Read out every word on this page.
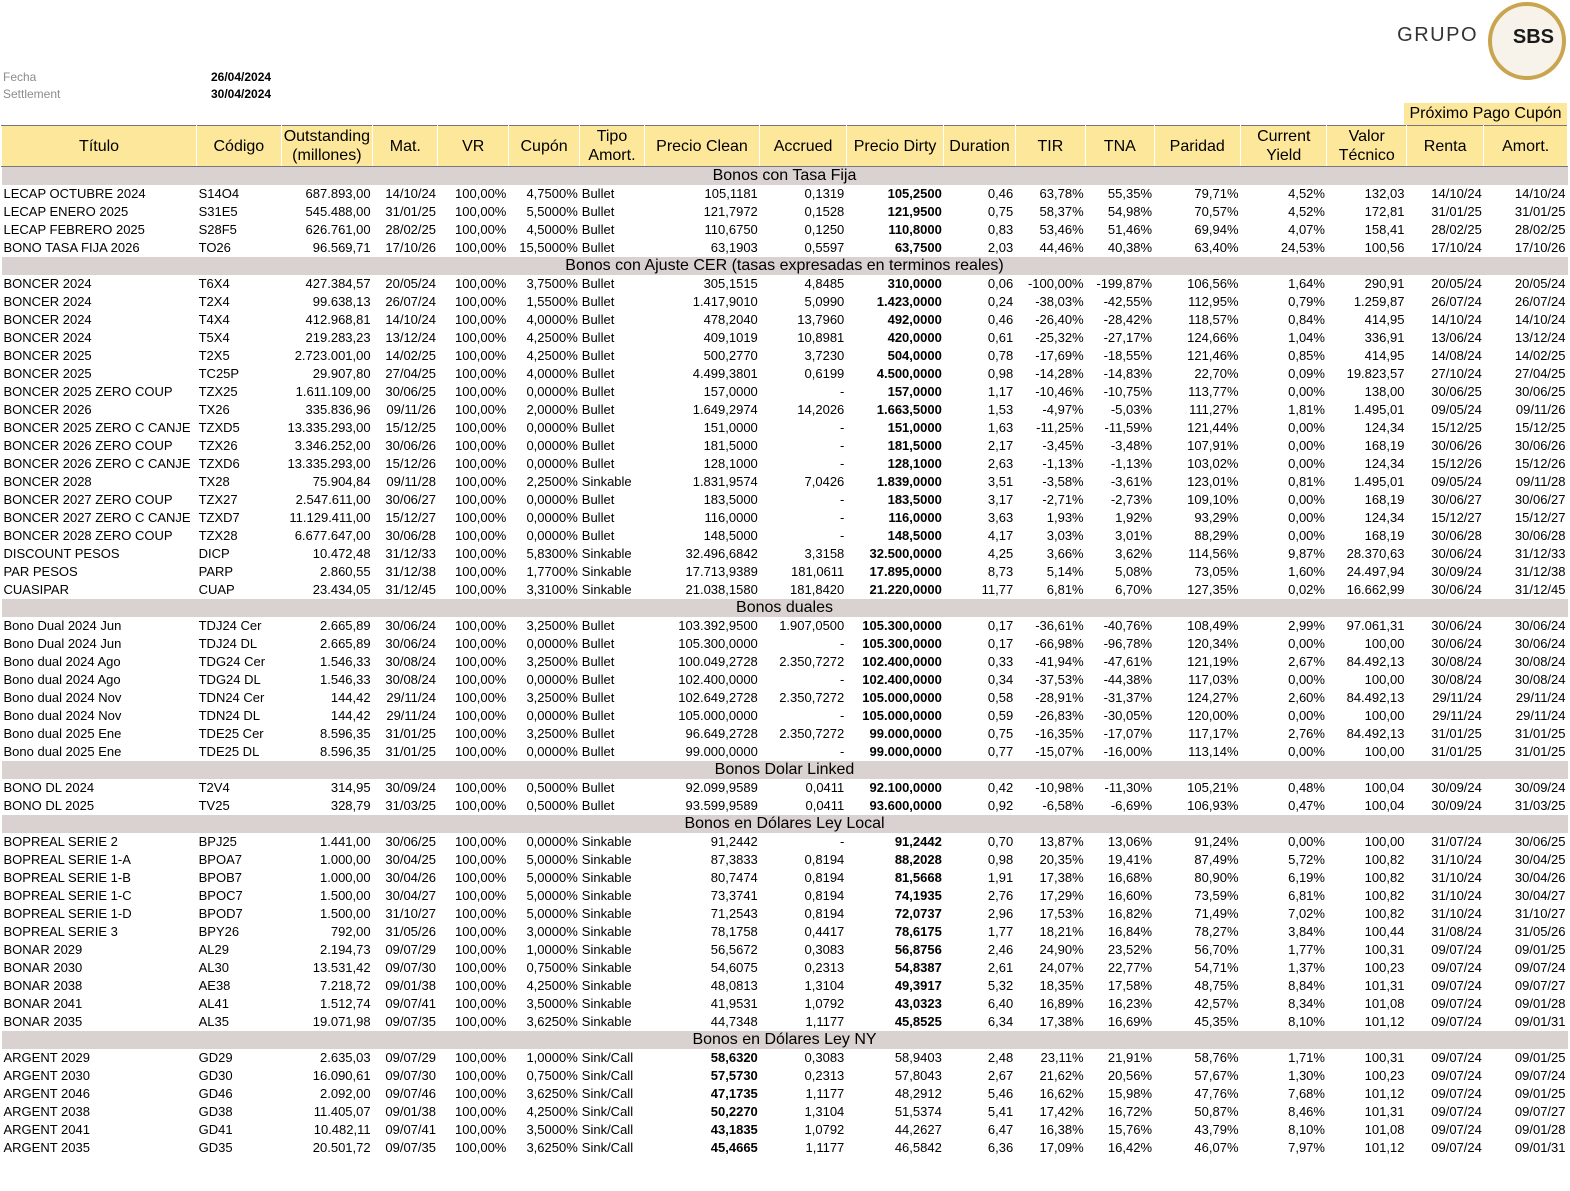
Fecha	26/04/2024
Settlement	30/04/2024
GRUPO SBS
Próximo Pago Cupón
Título	Código	Outstanding (millones)	Mat.	VR	Cupón	Tipo Amort.	Precio Clean	Accrued	Precio Dirty	Duration	TIR	TNA	Paridad	Current Yield	Valor Técnico	Renta	Amort.
Bonos con Tasa Fija																	
LECAP OCTUBRE 2024	S14O4	687.893,00	14/10/24	100,00%	4,7500%	Bullet	105,1181	0,1319	105,2500	0,46	63,78%	55,35%	79,71%	4,52%	132,03	14/10/24	14/10/24
LECAP ENERO 2025	S31E5	545.488,00	31/01/25	100,00%	5,5000%	Bullet	121,7972	0,1528	121,9500	0,75	58,37%	54,98%	70,57%	4,52%	172,81	31/01/25	31/01/25
LECAP FEBRERO 2025	S28F5	626.761,00	28/02/25	100,00%	4,5000%	Bullet	110,6750	0,1250	110,8000	0,83	53,46%	51,46%	69,94%	4,07%	158,41	28/02/25	28/02/25
BONO TASA FIJA 2026	TO26	96.569,71	17/10/26	100,00%	15,5000%	Bullet	63,1903	0,5597	63,7500	2,03	44,46%	40,38%	63,40%	24,53%	100,56	17/10/24	17/10/26
Bonos con Ajuste CER (tasas expresadas en terminos reales)																	
BONCER 2024	T6X4	427.384,57	20/05/24	100,00%	3,7500%	Bullet	305,1515	4,8485	310,0000	0,06	-100,00%	-199,87%	106,56%	1,64%	290,91	20/05/24	20/05/24
BONCER 2024	T2X4	99.638,13	26/07/24	100,00%	1,5500%	Bullet	1.417,9010	5,0990	1.423,0000	0,24	-38,03%	-42,55%	112,95%	0,79%	1.259,87	26/07/24	26/07/24
BONCER 2024	T4X4	412.968,81	14/10/24	100,00%	4,0000%	Bullet	478,2040	13,7960	492,0000	0,46	-26,40%	-28,42%	118,57%	0,84%	414,95	14/10/24	14/10/24
BONCER 2024	T5X4	219.283,23	13/12/24	100,00%	4,2500%	Bullet	409,1019	10,8981	420,0000	0,61	-25,32%	-27,17%	124,66%	1,04%	336,91	13/06/24	13/12/24
BONCER 2025	T2X5	2.723.001,00	14/02/25	100,00%	4,2500%	Bullet	500,2770	3,7230	504,0000	0,78	-17,69%	-18,55%	121,46%	0,85%	414,95	14/08/24	14/02/25
BONCER 2025	TC25P	29.907,80	27/04/25	100,00%	4,0000%	Bullet	4.499,3801	0,6199	4.500,0000	0,98	-14,28%	-14,83%	22,70%	0,09%	19.823,57	27/10/24	27/04/25
BONCER 2025 ZERO COUP	TZX25	1.611.109,00	30/06/25	100,00%	0,0000%	Bullet	157,0000	-	157,0000	1,17	-10,46%	-10,75%	113,77%	0,00%	138,00	30/06/25	30/06/25
BONCER 2026	TX26	335.836,96	09/11/26	100,00%	2,0000%	Bullet	1.649,2974	14,2026	1.663,5000	1,53	-4,97%	-5,03%	111,27%	1,81%	1.495,01	09/05/24	09/11/26
BONCER 2025 ZERO C CANJE	TZXD5	13.335.293,00	15/12/25	100,00%	0,0000%	Bullet	151,0000	-	151,0000	1,63	-11,25%	-11,59%	121,44%	0,00%	124,34	15/12/25	15/12/25
BONCER 2026 ZERO COUP	TZX26	3.346.252,00	30/06/26	100,00%	0,0000%	Bullet	181,5000	-	181,5000	2,17	-3,45%	-3,48%	107,91%	0,00%	168,19	30/06/26	30/06/26
BONCER 2026 ZERO C CANJE	TZXD6	13.335.293,00	15/12/26	100,00%	0,0000%	Bullet	128,1000	-	128,1000	2,63	-1,13%	-1,13%	103,02%	0,00%	124,34	15/12/26	15/12/26
BONCER 2028	TX28	75.904,84	09/11/28	100,00%	2,2500%	Sinkable	1.831,9574	7,0426	1.839,0000	3,51	-3,58%	-3,61%	123,01%	0,81%	1.495,01	09/05/24	09/11/28
BONCER 2027 ZERO COUP	TZX27	2.547.611,00	30/06/27	100,00%	0,0000%	Bullet	183,5000	-	183,5000	3,17	-2,71%	-2,73%	109,10%	0,00%	168,19	30/06/27	30/06/27
BONCER 2027 ZERO C CANJE	TZXD7	11.129.411,00	15/12/27	100,00%	0,0000%	Bullet	116,0000	-	116,0000	3,63	1,93%	1,92%	93,29%	0,00%	124,34	15/12/27	15/12/27
BONCER 2028 ZERO COUP	TZX28	6.677.647,00	30/06/28	100,00%	0,0000%	Bullet	148,5000	-	148,5000	4,17	3,03%	3,01%	88,29%	0,00%	168,19	30/06/28	30/06/28
DISCOUNT PESOS	DICP	10.472,48	31/12/33	100,00%	5,8300%	Sinkable	32.496,6842	3,3158	32.500,0000	4,25	3,66%	3,62%	114,56%	9,87%	28.370,63	30/06/24	31/12/33
PAR PESOS	PARP	2.860,55	31/12/38	100,00%	1,7700%	Sinkable	17.713,9389	181,0611	17.895,0000	8,73	5,14%	5,08%	73,05%	1,60%	24.497,94	30/09/24	31/12/38
CUASIPAR	CUAP	23.434,05	31/12/45	100,00%	3,3100%	Sinkable	21.038,1580	181,8420	21.220,0000	11,77	6,81%	6,70%	127,35%	0,02%	16.662,99	30/06/24	31/12/45
Bonos duales																	
Bono Dual 2024 Jun	TDJ24 Cer	2.665,89	30/06/24	100,00%	3,2500%	Bullet	103.392,9500	1.907,0500	105.300,0000	0,17	-36,61%	-40,76%	108,49%	2,99%	97.061,31	30/06/24	30/06/24
Bono Dual 2024 Jun	TDJ24 DL	2.665,89	30/06/24	100,00%	0,0000%	Bullet	105.300,0000	-	105.300,0000	0,17	-66,98%	-96,78%	120,34%	0,00%	100,00	30/06/24	30/06/24
Bono dual 2024 Ago	TDG24 Cer	1.546,33	30/08/24	100,00%	3,2500%	Bullet	100.049,2728	2.350,7272	102.400,0000	0,33	-41,94%	-47,61%	121,19%	2,67%	84.492,13	30/08/24	30/08/24
Bono dual 2024 Ago	TDG24 DL	1.546,33	30/08/24	100,00%	0,0000%	Bullet	102.400,0000	-	102.400,0000	0,34	-37,53%	-44,38%	117,03%	0,00%	100,00	30/08/24	30/08/24
Bono dual 2024 Nov	TDN24 Cer	144,42	29/11/24	100,00%	3,2500%	Bullet	102.649,2728	2.350,7272	105.000,0000	0,58	-28,91%	-31,37%	124,27%	2,60%	84.492,13	29/11/24	29/11/24
Bono dual 2024 Nov	TDN24 DL	144,42	29/11/24	100,00%	0,0000%	Bullet	105.000,0000	-	105.000,0000	0,59	-26,83%	-30,05%	120,00%	0,00%	100,00	29/11/24	29/11/24
Bono dual 2025 Ene	TDE25 Cer	8.596,35	31/01/25	100,00%	3,2500%	Bullet	96.649,2728	2.350,7272	99.000,0000	0,75	-16,35%	-17,07%	117,17%	2,76%	84.492,13	31/01/25	31/01/25
Bono dual 2025 Ene	TDE25 DL	8.596,35	31/01/25	100,00%	0,0000%	Bullet	99.000,0000	-	99.000,0000	0,77	-15,07%	-16,00%	113,14%	0,00%	100,00	31/01/25	31/01/25
Bonos Dolar Linked																	
BONO DL 2024	T2V4	314,95	30/09/24	100,00%	0,5000%	Bullet	92.099,9589	0,0411	92.100,0000	0,42	-10,98%	-11,30%	105,21%	0,48%	100,04	30/09/24	30/09/24
BONO DL 2025	TV25	328,79	31/03/25	100,00%	0,5000%	Bullet	93.599,9589	0,0411	93.600,0000	0,92	-6,58%	-6,69%	106,93%	0,47%	100,04	30/09/24	31/03/25
Bonos en Dólares Ley Local																	
BOPREAL SERIE 2	BPJ25	1.441,00	30/06/25	100,00%	0,0000%	Sinkable	91,2442	-	91,2442	0,70	13,87%	13,06%	91,24%	0,00%	100,00	31/07/24	30/06/25
BOPREAL SERIE 1-A	BPOA7	1.000,00	30/04/25	100,00%	5,0000%	Sinkable	87,3833	0,8194	88,2028	0,98	20,35%	19,41%	87,49%	5,72%	100,82	31/10/24	30/04/25
BOPREAL SERIE 1-B	BPOB7	1.000,00	30/04/26	100,00%	5,0000%	Sinkable	80,7474	0,8194	81,5668	1,91	17,38%	16,68%	80,90%	6,19%	100,82	31/10/24	30/04/26
BOPREAL SERIE 1-C	BPOC7	1.500,00	30/04/27	100,00%	5,0000%	Sinkable	73,3741	0,8194	74,1935	2,76	17,29%	16,60%	73,59%	6,81%	100,82	31/10/24	30/04/27
BOPREAL SERIE 1-D	BPOD7	1.500,00	31/10/27	100,00%	5,0000%	Sinkable	71,2543	0,8194	72,0737	2,96	17,53%	16,82%	71,49%	7,02%	100,82	31/10/24	31/10/27
BOPREAL SERIE 3	BPY26	792,00	31/05/26	100,00%	3,0000%	Sinkable	78,1758	0,4417	78,6175	1,77	18,21%	16,84%	78,27%	3,84%	100,44	31/08/24	31/05/26
BONAR 2029	AL29	2.194,73	09/07/29	100,00%	1,0000%	Sinkable	56,5672	0,3083	56,8756	2,46	24,90%	23,52%	56,70%	1,77%	100,31	09/07/24	09/01/25
BONAR 2030	AL30	13.531,42	09/07/30	100,00%	0,7500%	Sinkable	54,6075	0,2313	54,8387	2,61	24,07%	22,77%	54,71%	1,37%	100,23	09/07/24	09/07/24
BONAR 2038	AE38	7.218,72	09/01/38	100,00%	4,2500%	Sinkable	48,0813	1,3104	49,3917	5,32	18,35%	17,58%	48,75%	8,84%	101,31	09/07/24	09/07/27
BONAR 2041	AL41	1.512,74	09/07/41	100,00%	3,5000%	Sinkable	41,9531	1,0792	43,0323	6,40	16,89%	16,23%	42,57%	8,34%	101,08	09/07/24	09/01/28
BONAR 2035	AL35	19.071,98	09/07/35	100,00%	3,6250%	Sinkable	44,7348	1,1177	45,8525	6,34	17,38%	16,69%	45,35%	8,10%	101,12	09/07/24	09/01/31
Bonos en Dólares Ley NY																	
ARGENT 2029	GD29	2.635,03	09/07/29	100,00%	1,0000%	Sink/Call	58,6320	0,3083	58,9403	2,48	23,11%	21,91%	58,76%	1,71%	100,31	09/07/24	09/01/25
ARGENT 2030	GD30	16.090,61	09/07/30	100,00%	0,7500%	Sink/Call	57,5730	0,2313	57,8043	2,67	21,62%	20,56%	57,67%	1,30%	100,23	09/07/24	09/07/24
ARGENT 2046	GD46	2.092,00	09/07/46	100,00%	3,6250%	Sink/Call	47,1735	1,1177	48,2912	5,46	16,62%	15,98%	47,76%	7,68%	101,12	09/07/24	09/01/25
ARGENT 2038	GD38	11.405,07	09/01/38	100,00%	4,2500%	Sink/Call	50,2270	1,3104	51,5374	5,41	17,42%	16,72%	50,87%	8,46%	101,31	09/07/24	09/07/27
ARGENT 2041	GD41	10.482,11	09/07/41	100,00%	3,5000%	Sink/Call	43,1835	1,0792	44,2627	6,47	16,38%	15,76%	43,79%	8,10%	101,08	09/07/24	09/01/28
ARGENT 2035	GD35	20.501,72	09/07/35	100,00%	3,6250%	Sink/Call	45,4665	1,1177	46,5842	6,36	17,09%	16,42%	46,07%	7,97%	101,12	09/07/24	09/01/31
